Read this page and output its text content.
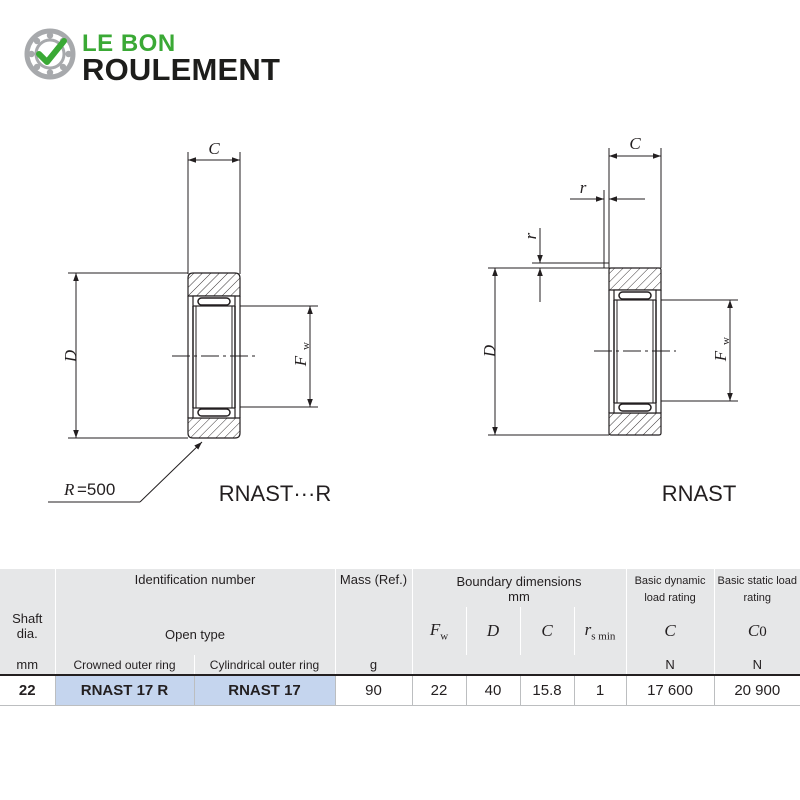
LE BON
ROULEMENT
C
D	F
w
R =500	RNAST···R
C
r
r
D	F
w
RNAST
Shaft dia.	Identification number		Mass (Ref.)	Boundary dimensions
mm				Basic dynamic load rating	Basic static load rating
	Open type			$F_w$	D	C	$r_{s min}$	C	C0
mm	Crowned outer ring	Cylindrical outer ring	g					N	N
22	RNAST 17 R	RNAST 17	90	22	40	15.8	1	17 600	20 900
